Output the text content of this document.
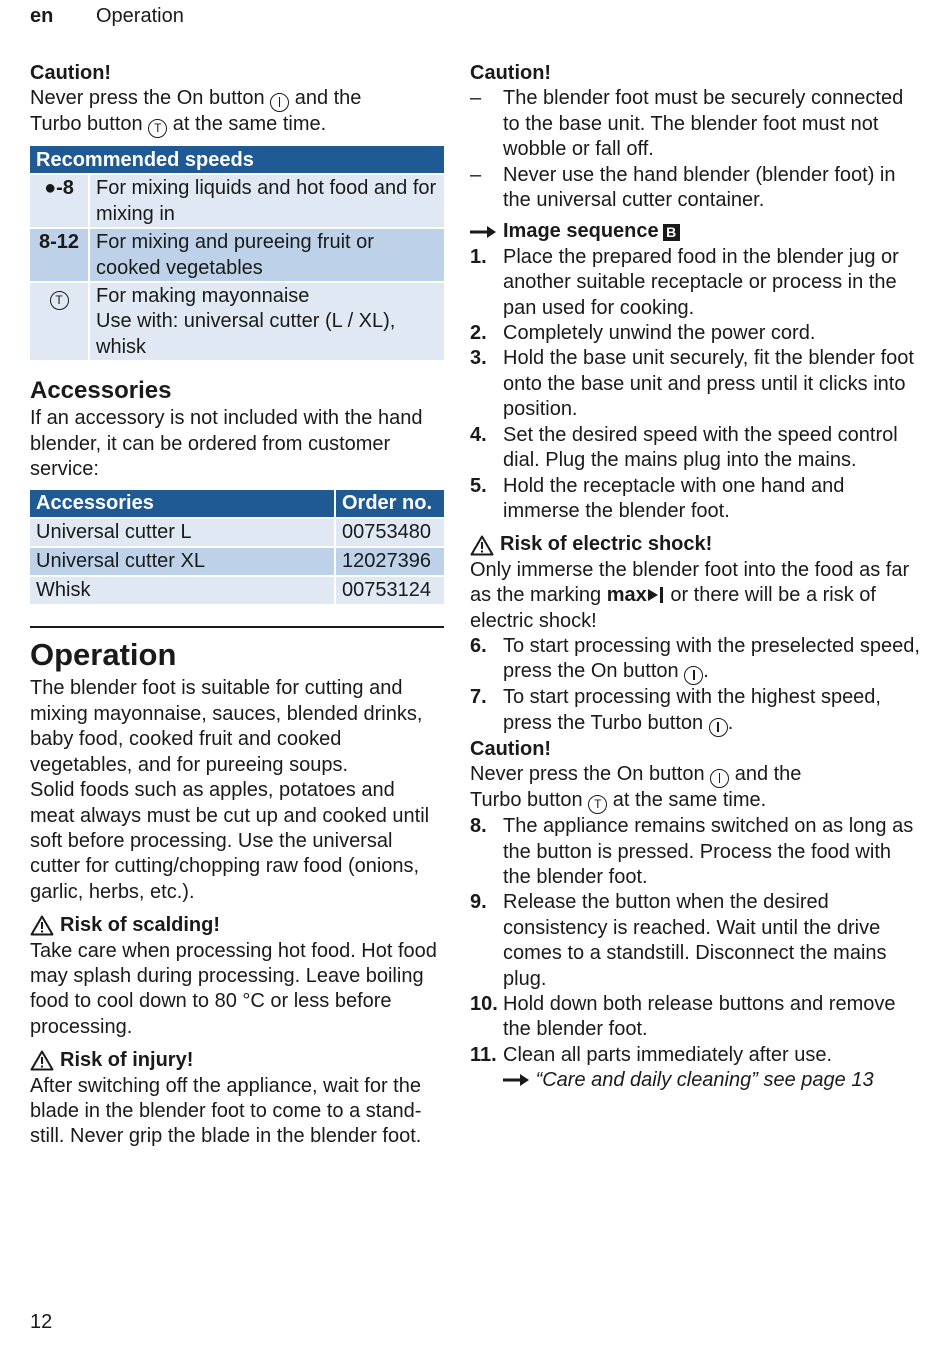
en Operation

Caution!

Never press the On button and the
Turbo button T at the same time.

Recommended speeds	
●-8	For mixing liquids and hot food and for mixing in
8-12	For mixing and pureeing fruit or cooked vegetables
T	For making mayonnaise
Use with: universal cutter (L / XL), whisk
Accessories

If an accessory is not included with the hand blender, it can be ordered from customer service:

Accessories	Order no.
Universal cutter L	00753480
Universal cutter XL	12027396
Whisk	00753124
Operation

The blender foot is suitable for cutting and mixing mayonnaise, sauces, blended drinks, baby food, cooked fruit and cooked vegetables, and for pureeing soups.

Solid foods such as apples, potatoes and meat always must be cut up and cooked until soft before processing. Use the universal cutter for cutting/chopping raw food (onions, garlic, herbs, etc.).

Risk of scalding!

Take care when processing hot food. Hot food may splash during processing. Leave boiling food to cool down to 80 °C or less before processing.

Risk of injury!

After switching off the appliance, wait for the blade in the blender foot to come to a stand-still. Never grip the blade in the blender foot.

Caution!

–	The blender foot must be securely connected to the base unit. The blender foot must not wobble or fall off.
–	Never use the hand blender (blender foot) in the universal cutter container.
Image sequence B
1. Place the prepared food in the blender jug or another suitable receptacle or process in the pan used for cooking.
2. Completely unwind the power cord.
3. Hold the base unit securely, fit the blender foot onto the base unit and press until it clicks into position.
4. Set the desired speed with the speed control dial. Plug the mains plug into the mains.
5. Hold the receptacle with one hand and immerse the blender foot.
Risk of electric shock!

Only immerse the blender foot into the food as far as the marking max or there will be a risk of electric shock!

6. To start processing with the preselected speed, press the On button .
7. To start processing with the highest speed, press the Turbo button .

Caution!

Never press the On button and the
Turbo button T at the same time.

8. The appliance remains switched on as long as the button is pressed. Process the food with the blender foot.
9. Release the button when the desired consistency is reached. Wait until the drive comes to a standstill. Disconnect the mains plug.
10. Hold down both release buttons and remove the blender foot.
11. Clean all parts immediately after use.
“Care and daily cleaning” see page 13
12
